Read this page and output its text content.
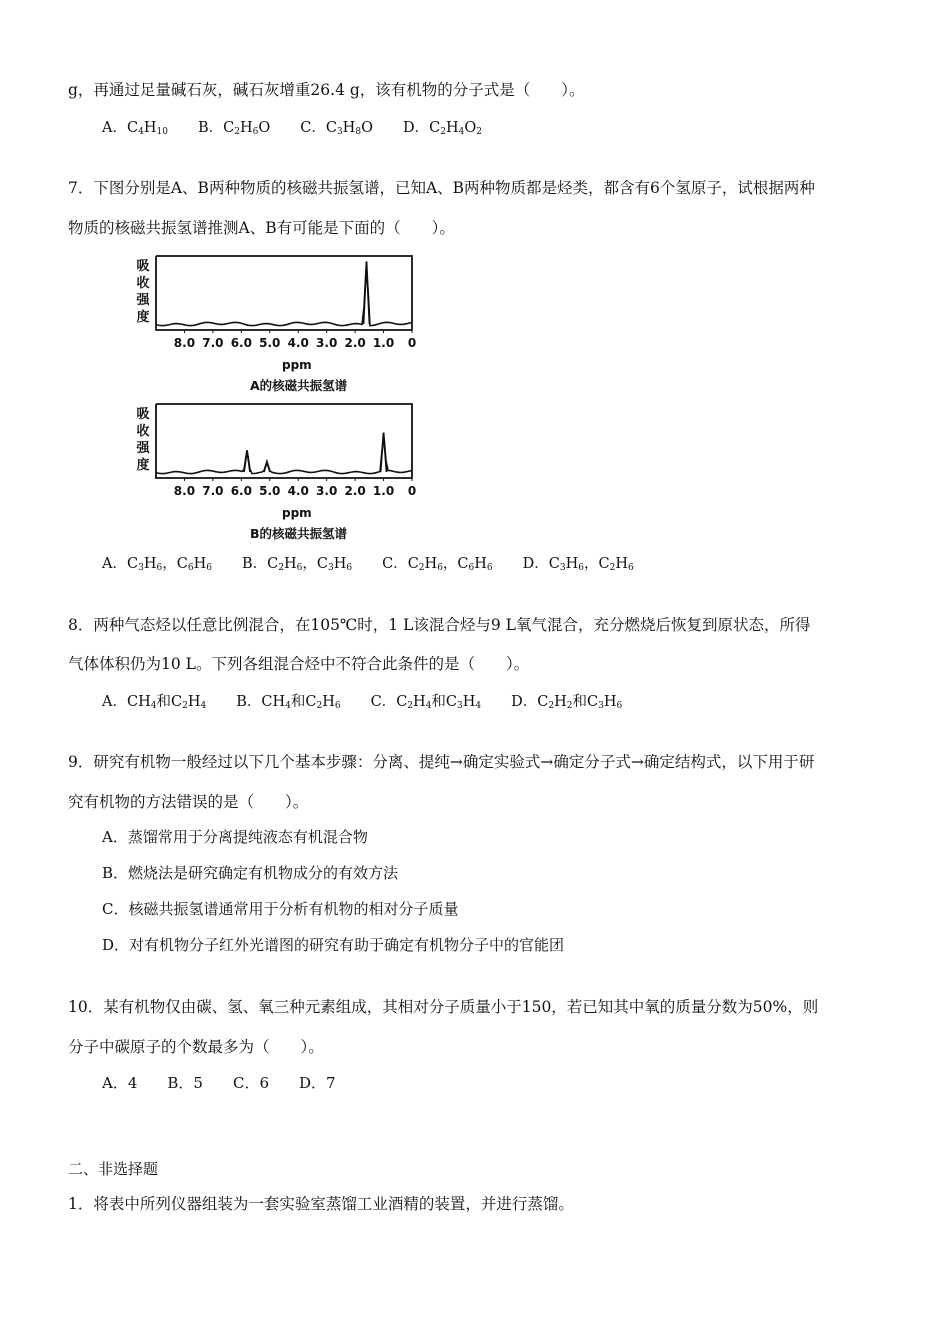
g，再通过足量碱石灰，碱石灰增重26.4 g，该有机物的分子式是（　　）。
A．$C_4H_{10}$ B．$C_2H_6O$ C．$C_3H_8O$ D．$C_2H_4O_2$
7．下图分别是A、B两种物质的核磁共振氢谱，已知A、B两种物质都是烃类，都含有6个氢原子，试根据两种
物质的核磁共振氢谱推测A、B有可能是下面的（　　）。
吸收强度
8.0 7.0 6.0 5.0 4.0 3.0 2.0 1.0 0
ppm
A的核磁共振氢谱
吸收强度
8.0 7.0 6.0 5.0 4.0 3.0 2.0 1.0 0
ppm
B的核磁共振氢谱
A．$C_3H_6$，$C_6H_6$ B．$C_2H_6$，$C_3H_6$ C．$C_2H_6$，$C_6H_6$ D．$C_3H_6$，$C_2H_6$
8．两种气态烃以任意比例混合，在105℃时，1 L该混合烃与9 L氧气混合，充分燃烧后恢复到原状态，所得
气体体积仍为10 L。下列各组混合烃中不符合此条件的是（　　）。
A．$CH_4$和$C_2H_4$ B．$CH_4$和$C_2H_6$ C．$C_2H_4$和$C_3H_4$ D．$C_2H_2$和$C_3H_6$
9．研究有机物一般经过以下几个基本步骤：分离、提纯→确定实验式→确定分子式→确定结构式，以下用于研
究有机物的方法错误的是（　　）。
A．蒸馏常用于分离提纯液态有机混合物
B．燃烧法是研究确定有机物成分的有效方法
C．核磁共振氢谱通常用于分析有机物的相对分子质量
D．对有机物分子红外光谱图的研究有助于确定有机物分子中的官能团
10．某有机物仅由碳、氢、氧三种元素组成，其相对分子质量小于150，若已知其中氧的质量分数为50%，则
分子中碳原子的个数最多为（　　）。
A．4 B．5 C．6 D．7
二、非选择题
1．将表中所列仪器组装为一套实验室蒸馏工业酒精的装置，并进行蒸馏。
